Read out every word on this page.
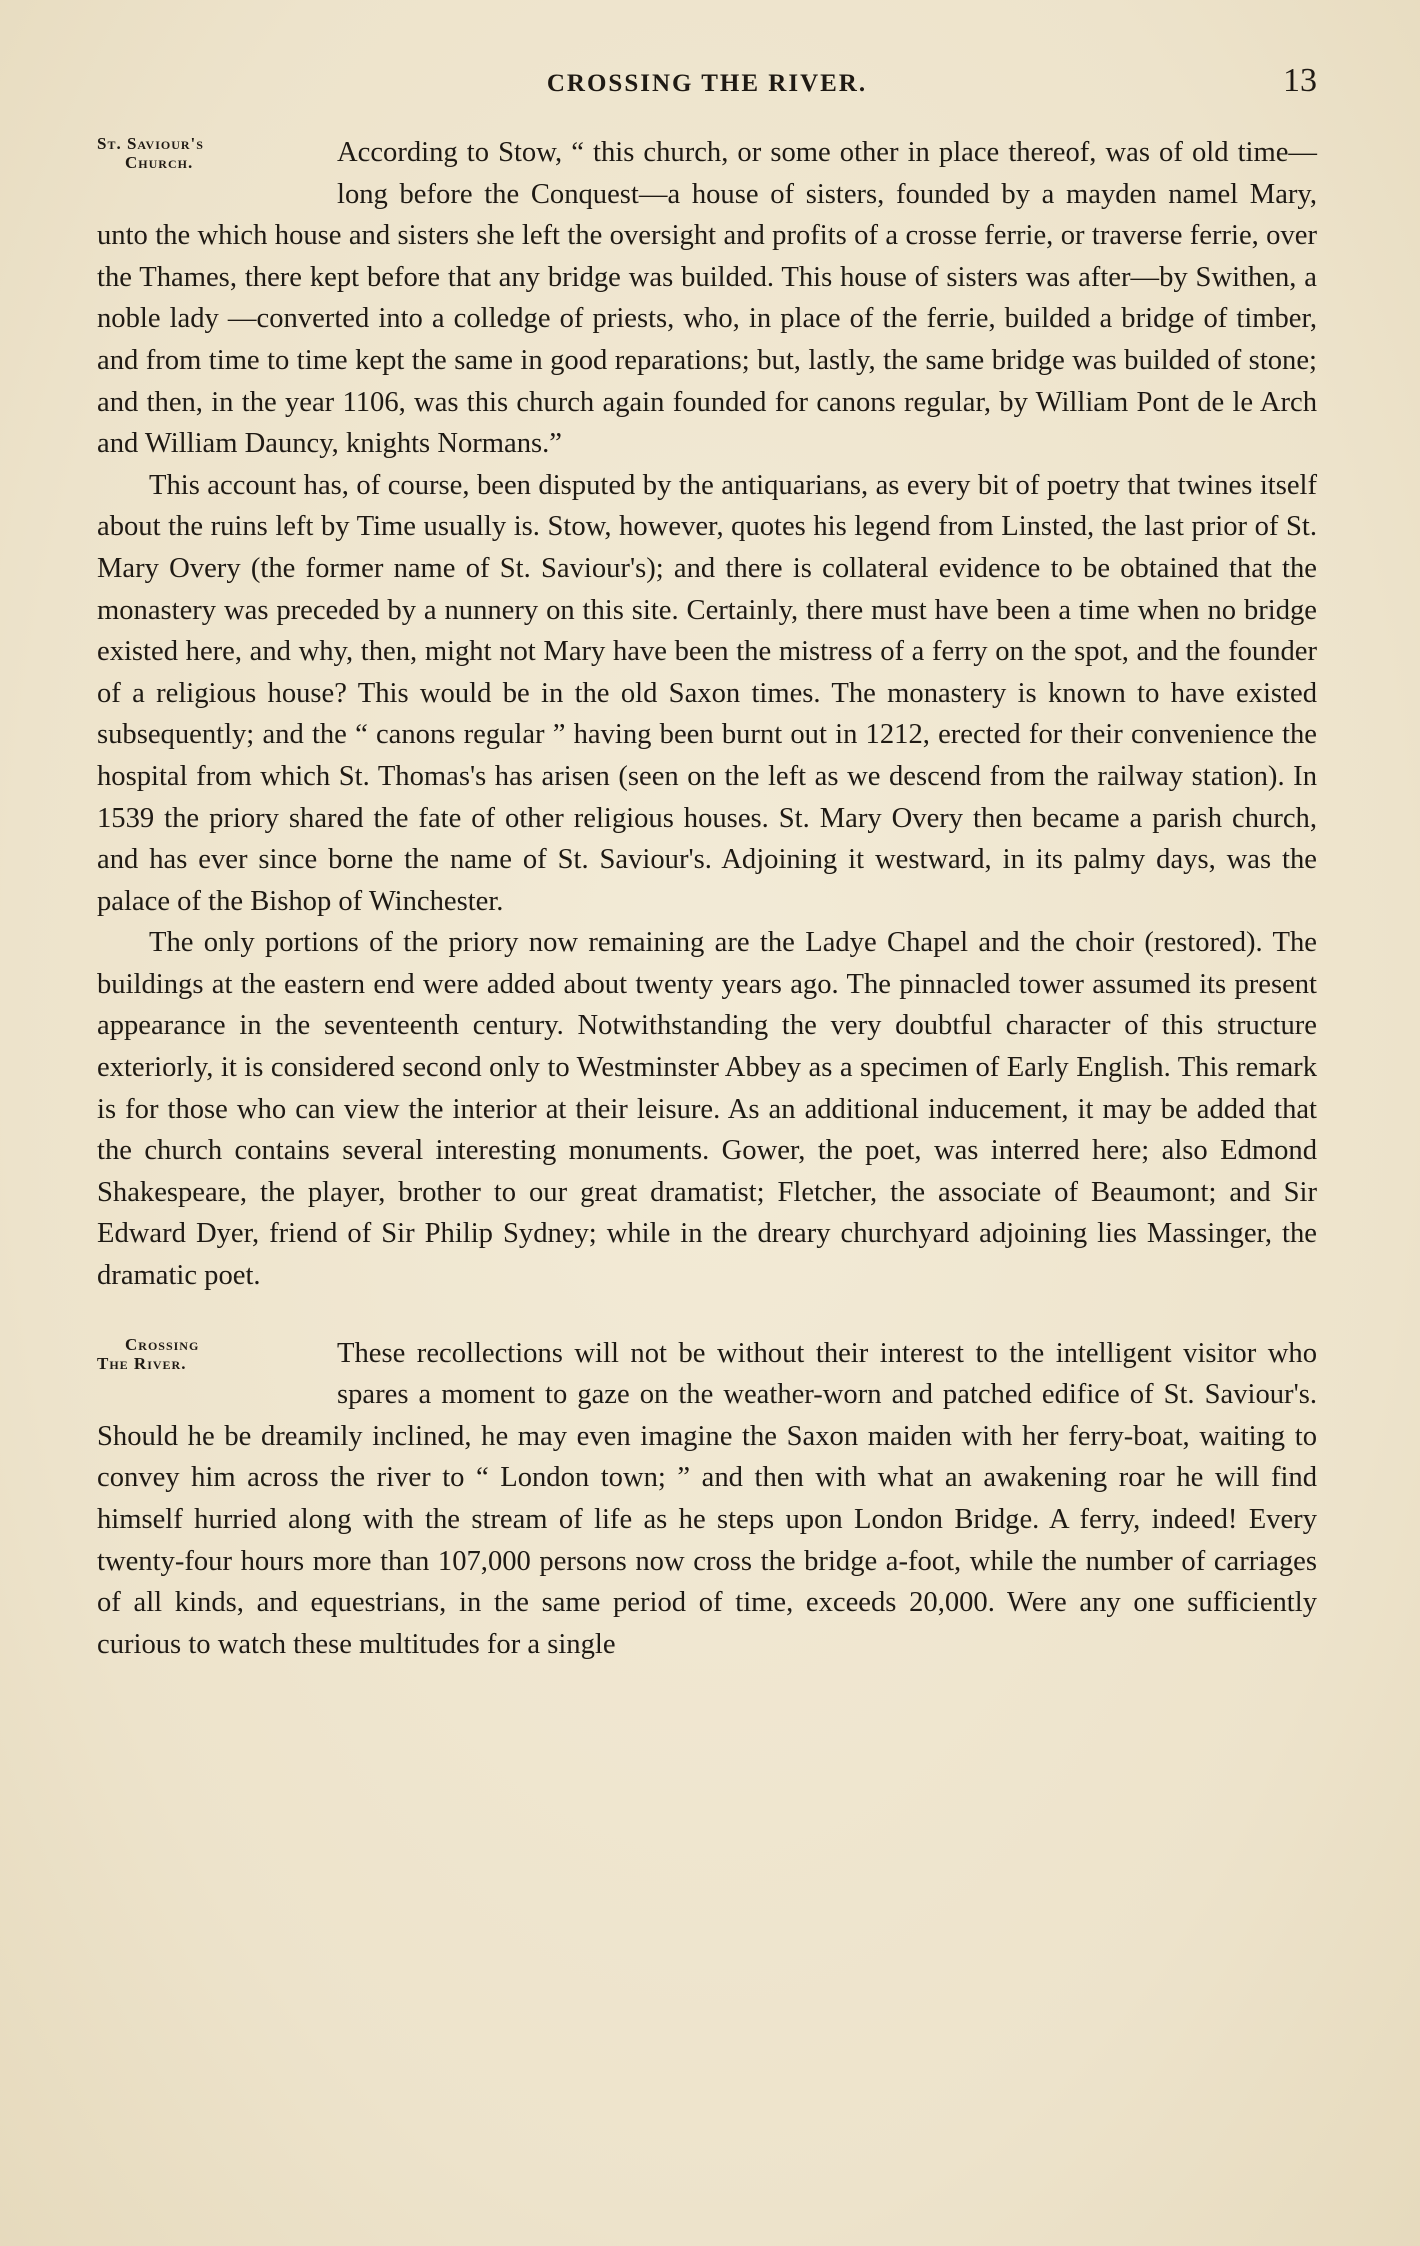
CROSSING THE RIVER.	13
St. Saviour's
Church.	According to Stow, “ this church, or some other in place thereof, was of old time—long before the Conquest—a house of sisters, founded by a mayden namel Mary, unto the which house and sisters she left the oversight and profits of a crosse ferrie, or traverse ferrie, over the Thames, there kept before that any bridge was builded. This house of sisters was after—by Swithen, a noble lady —converted into a colledge of priests, who, in place of the ferrie, builded a bridge of timber, and from time to time kept the same in good reparations; but, lastly, the same bridge was builded of stone; and then, in the year 1106, was this church again founded for canons regular, by William Pont de le Arch and William Dauncy, knights Normans.”

This account has, of course, been disputed by the antiquarians, as every bit of poetry that twines itself about the ruins left by Time usually is. Stow, however, quotes his legend from Linsted, the last prior of St. Mary Overy (the former name of St. Saviour's); and there is collateral evidence to be obtained that the monastery was preceded by a nunnery on this site. Certainly, there must have been a time when no bridge existed here, and why, then, might not Mary have been the mistress of a ferry on the spot, and the founder of a religious house? This would be in the old Saxon times. The monastery is known to have existed subsequently; and the “ canons regular ” having been burnt out in 1212, erected for their convenience the hospital from which St. Thomas's has arisen (seen on the left as we descend from the railway station). In 1539 the priory shared the fate of other religious houses. St. Mary Overy then became a parish church, and has ever since borne the name of St. Saviour's. Adjoining it westward, in its palmy days, was the palace of the Bishop of Winchester.

The only portions of the priory now remaining are the Ladye Chapel and the choir (restored). The buildings at the eastern end were added about twenty years ago. The pinnacled tower assumed its present appearance in the seventeenth century. Notwithstanding the very doubtful character of this structure exteriorly, it is considered second only to Westminster Abbey as a specimen of Early English. This remark is for those who can view the interior at their leisure. As an additional inducement, it may be added that the church contains several interesting monuments. Gower, the poet, was interred here; also Edmond Shakespeare, the player, brother to our great dramatist; Fletcher, the associate of Beaumont; and Sir Edward Dyer, friend of Sir Philip Sydney; while in the dreary churchyard adjoining lies Massinger, the dramatic poet.

Crossing
The River.	These recollections will not be without their interest to the intelligent visitor who spares a moment to gaze on the weather-worn and patched edifice of St. Saviour's. Should he be dreamily inclined, he may even imagine the Saxon maiden with her ferry-boat, waiting to convey him across the river to “ London town; ” and then with what an awakening roar he will find himself hurried along with the stream of life as he steps upon London Bridge. A ferry, indeed! Every twenty-four hours more than 107,000 persons now cross the bridge a-foot, while the number of carriages of all kinds, and equestrians, in the same period of time, exceeds 20,000. Were any one sufficiently curious to watch these multitudes for a single
